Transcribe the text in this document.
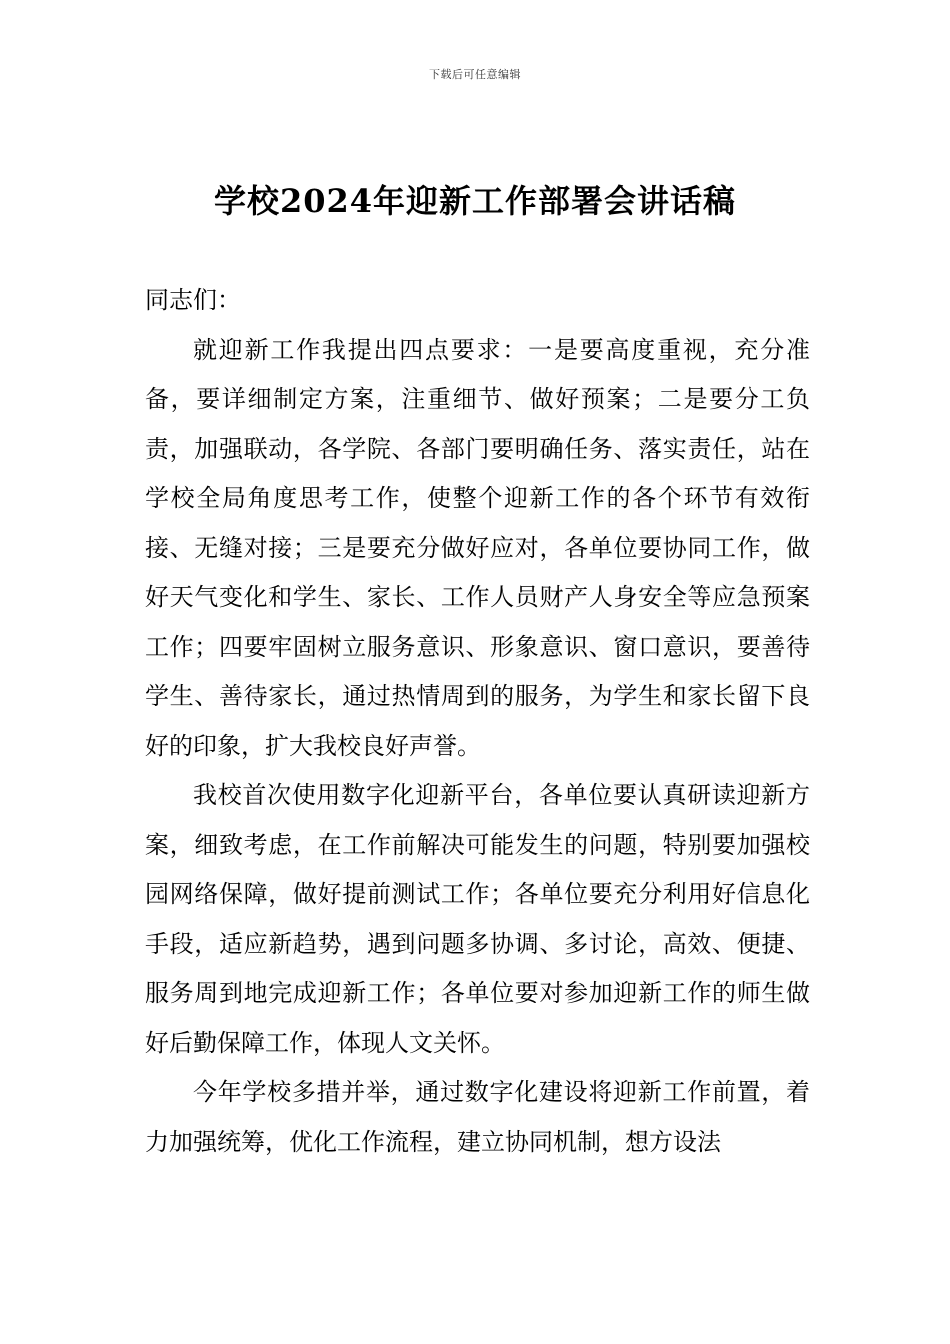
下载后可任意编辑
学校2024年迎新工作部署会讲话稿

同志们：

就迎新工作我提出四点要求：一是要高度重视，充分准备，要详细制定方案，注重细节、做好预案；二是要分工负责，加强联动，各学院、各部门要明确任务、落实责任，站在学校全局角度思考工作，使整个迎新工作的各个环节有效衔接、无缝对接；三是要充分做好应对，各单位要协同工作，做好天气变化和学生、家长、工作人员财产人身安全等应急预案工作；四要牢固树立服务意识、形象意识、窗口意识，要善待学生、善待家长，通过热情周到的服务，为学生和家长留下良好的印象，扩大我校良好声誉。

我校首次使用数字化迎新平台，各单位要认真研读迎新方案，细致考虑，在工作前解决可能发生的问题，特别要加强校园网络保障，做好提前测试工作；各单位要充分利用好信息化手段，适应新趋势，遇到问题多协调、多讨论，高效、便捷、服务周到地完成迎新工作；各单位要对参加迎新工作的师生做好后勤保障工作，体现人文关怀。

今年学校多措并举，通过数字化建设将迎新工作前置，着力加强统筹，优化工作流程，建立协同机制，想方设法
